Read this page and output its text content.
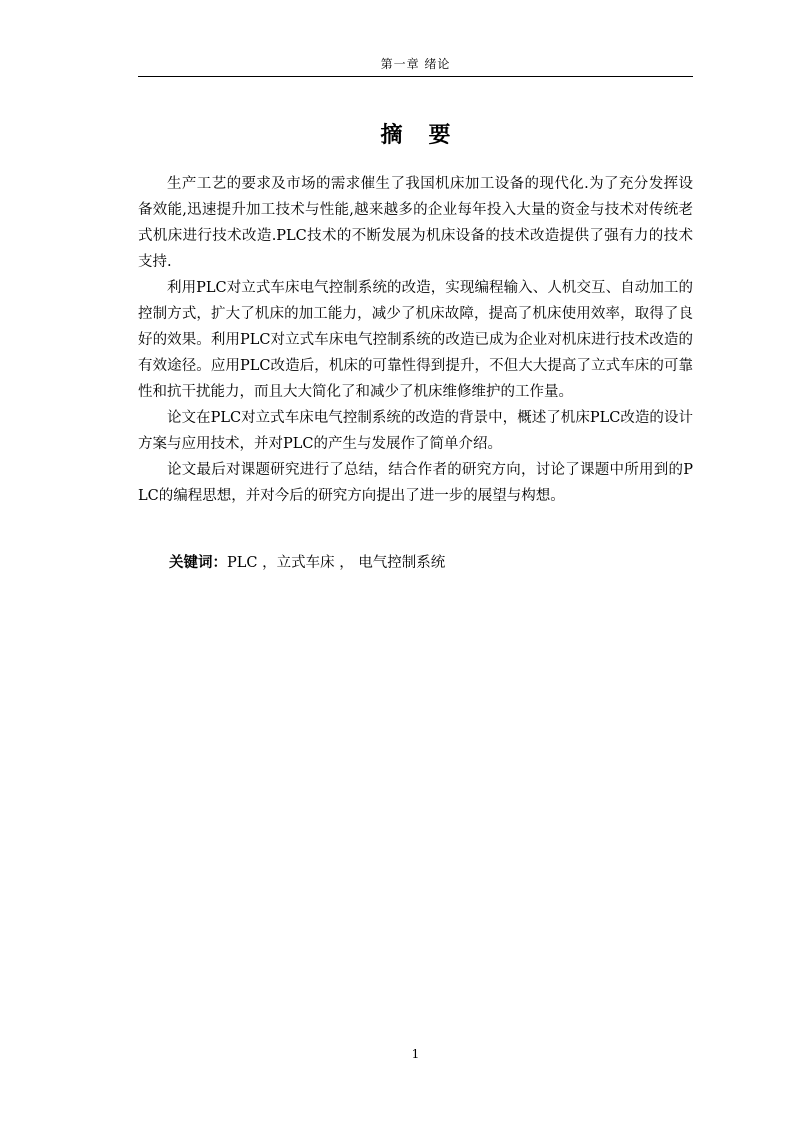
第一章 绪论
摘要

生产工艺的要求及市场的需求催生了我国机床加工设备的现代化.为了充分发挥设备效能,迅速提升加工技术与性能,越来越多的企业每年投入大量的资金与技术对传统老式机床进行技术改造.PLC技术的不断发展为机床设备的技术改造提供了强有力的技术支持.

利用PLC对立式车床电气控制系统的改造，实现编程输入、人机交互、自动加工的控制方式，扩大了机床的加工能力，减少了机床故障，提高了机床使用效率，取得了良好的效果。利用PLC对立式车床电气控制系统的改造已成为企业对机床进行技术改造的有效途径。应用PLC改造后，机床的可靠性得到提升，不但大大提高了立式车床的可靠性和抗干扰能力，而且大大简化了和减少了机床维修维护的工作量。

论文在PLC对立式车床电气控制系统的改造的背景中，概述了机床PLC改造的设计方案与应用技术，并对PLC的产生与发展作了简单介绍。

论文最后对课题研究进行了总结，结合作者的研究方向，讨论了课题中所用到的PLC的编程思想，并对今后的研究方向提出了进一步的展望与构想。

关键词：PLC ，立式车床 ， 电气控制系统
1
